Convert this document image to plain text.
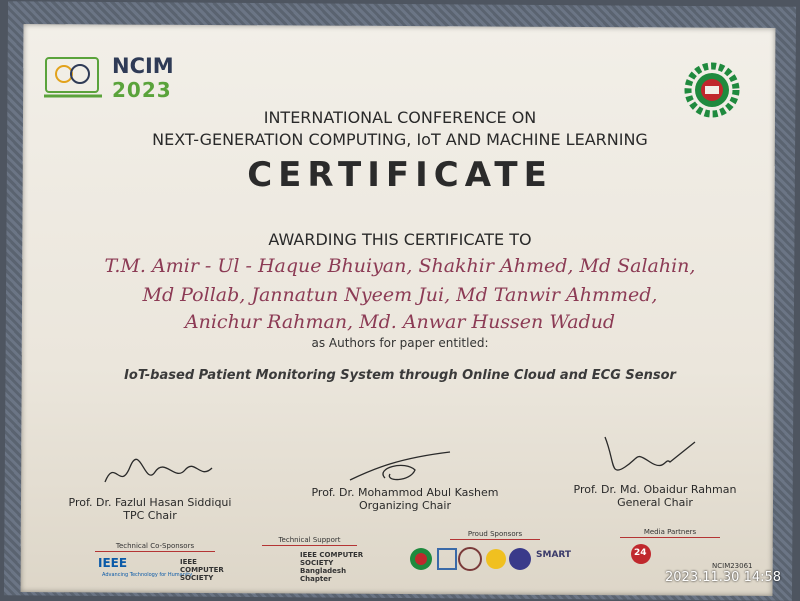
NCIM
2023
INTERNATIONAL CONFERENCE ON
NEXT-GENERATION COMPUTING, IoT AND MACHINE LEARNING
CERTIFICATE
AWARDING THIS CERTIFICATE TO
T.M. Amir - Ul - Haque Bhuiyan, Shakhir Ahmed, Md Salahin,
Md Pollab, Jannatun Nyeem Jui, Md Tanwir Ahmmed,
Anichur Rahman, Md. Anwar Hussen Wadud
as Authors for paper entitled:
IoT-based Patient Monitoring System through Online Cloud and ECG Sensor
Prof. Dr. Fazlul Hasan Siddiqui
TPC Chair
Prof. Dr. Mohammod Abul Kashem
Organizing Chair
Prof. Dr. Md. Obaidur Rahman
General Chair
Technical Co-Sponsors
Technical Support
Proud Sponsors	Media Partners
IEEE
Advancing Technology for Humanity
IEEE COMPUTER SOCIETY
IEEE COMPUTER SOCIETY Bangladesh Chapter
SMART	24
NCIM23061
2023.11.30 14:58
